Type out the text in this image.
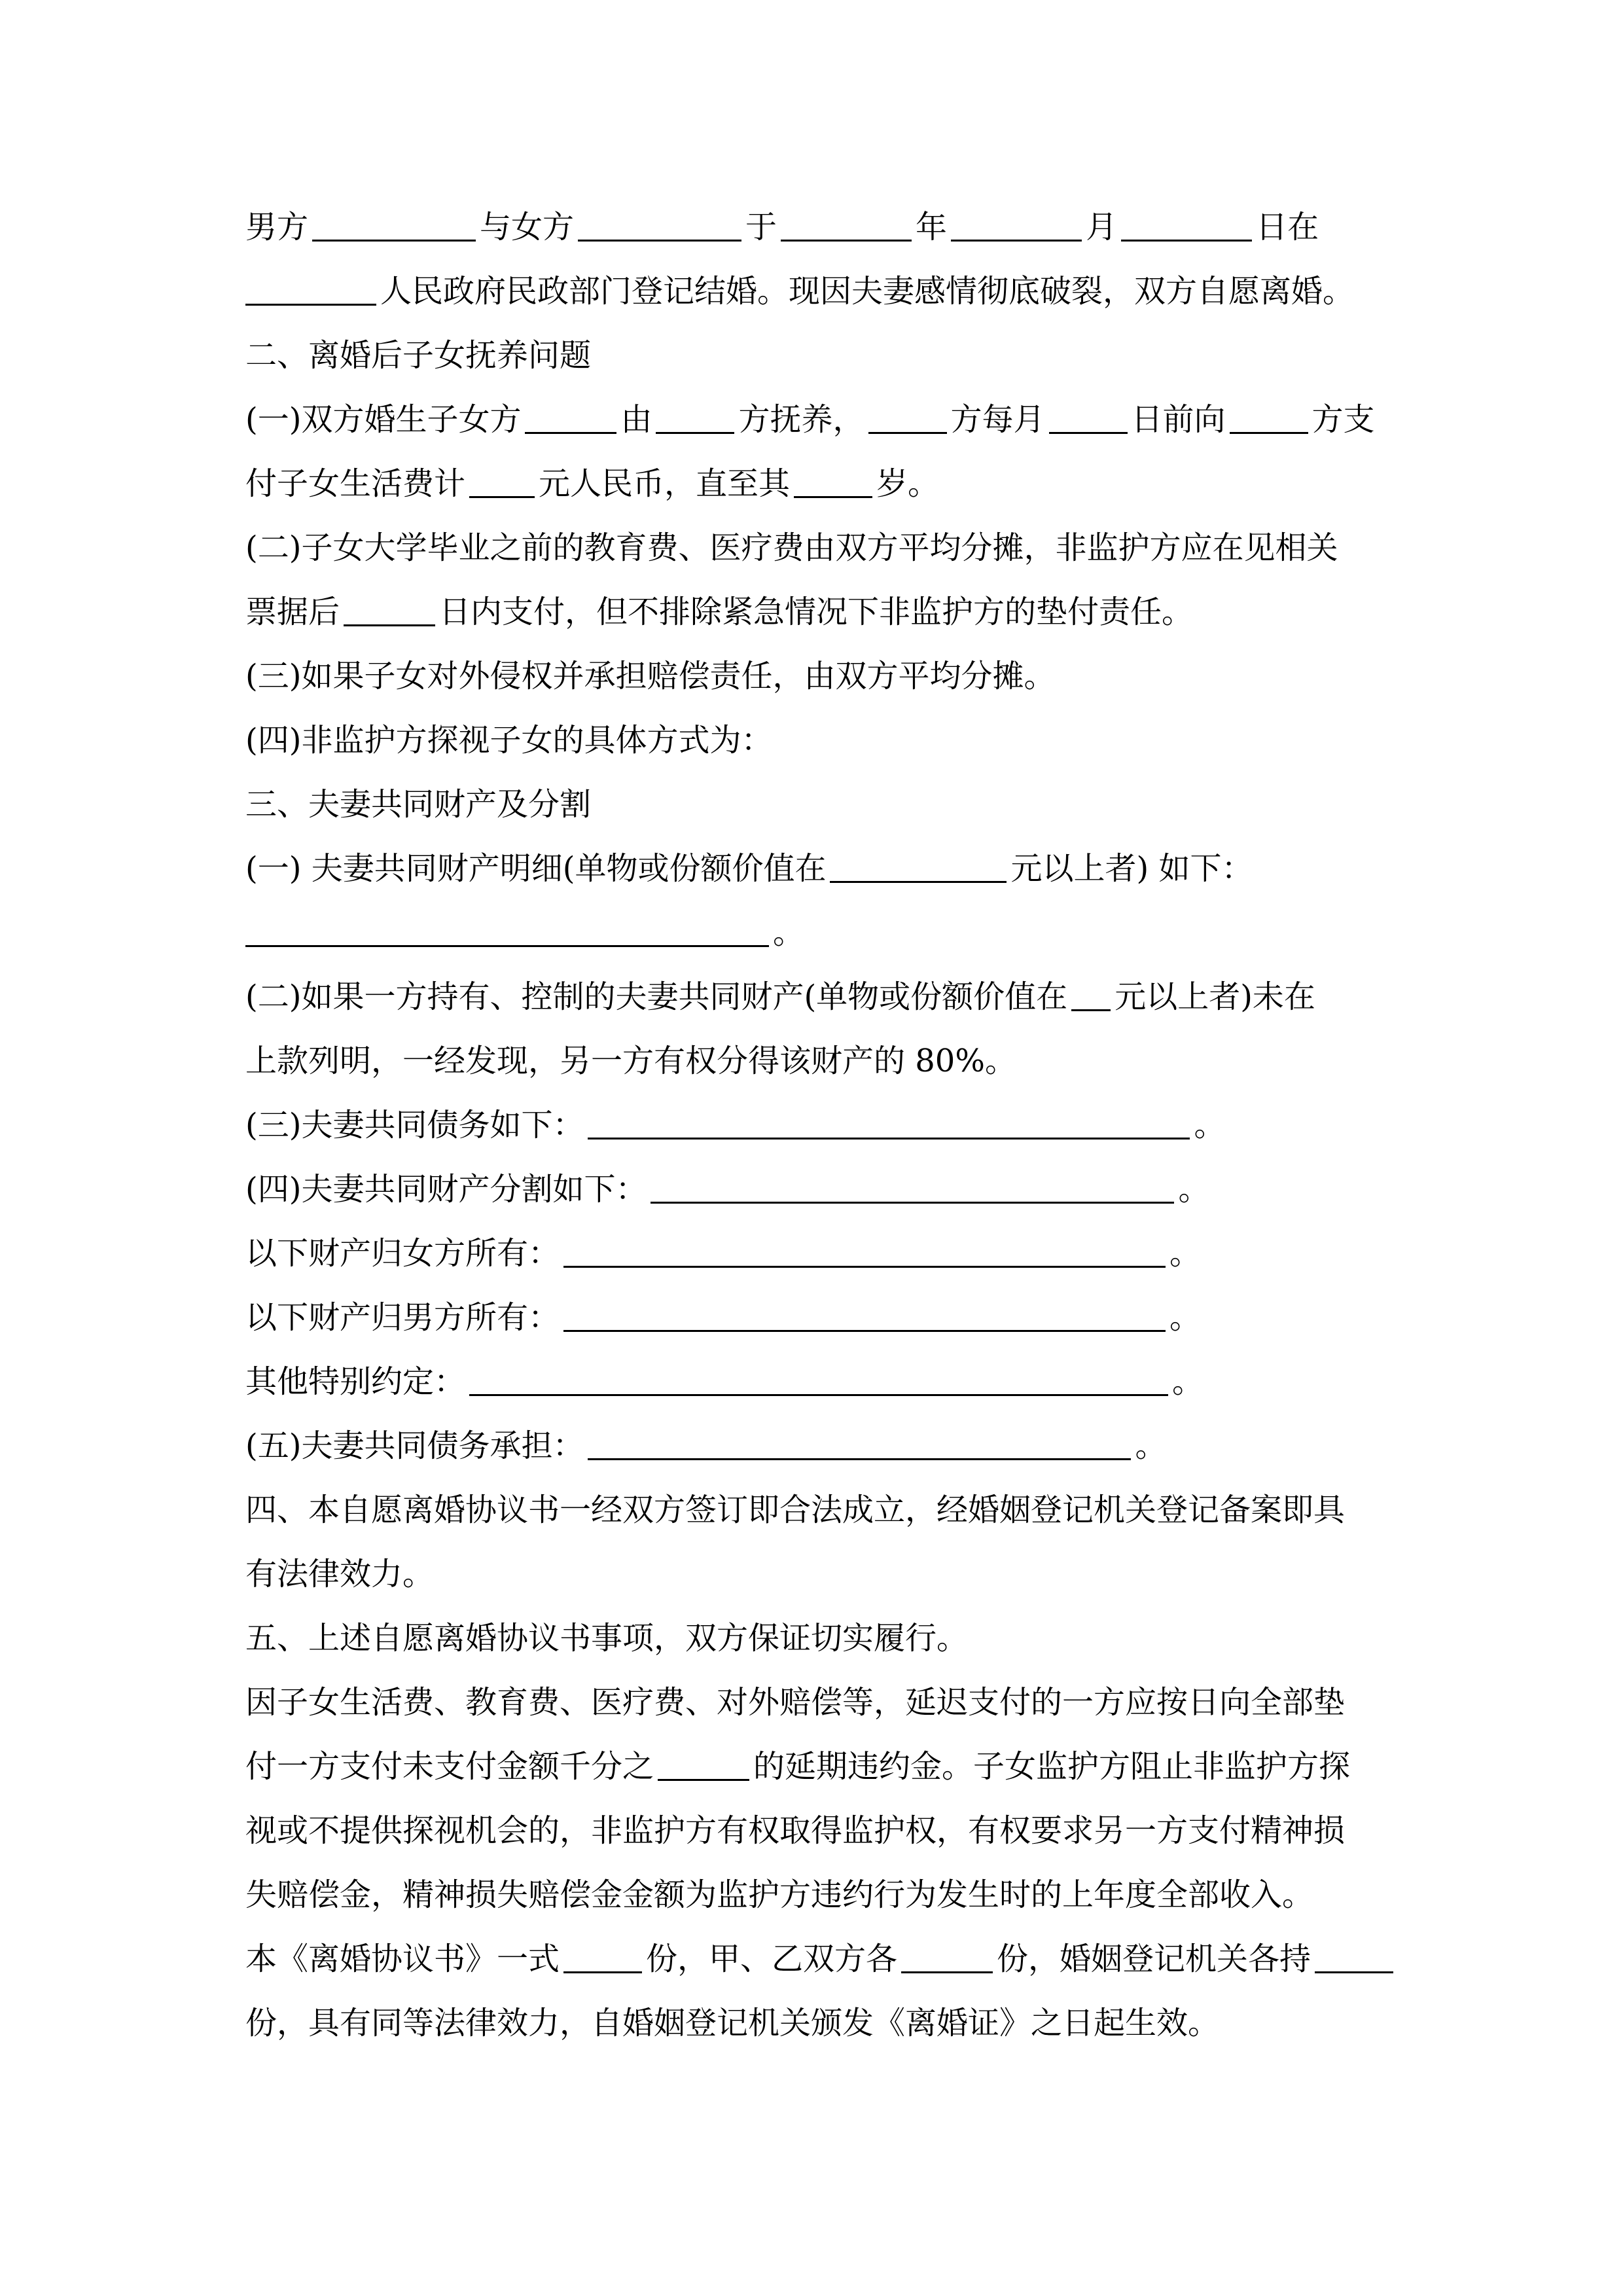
男方	与女方	于	年	月	日在
人民政府民政部门登记结婚。现因夫妻感情彻底破裂，双方自愿离婚。
二、离婚后子女抚养问题
(一)双方婚生子女方	由	方抚养，	方每月	日前向	方支
付子女生活费计 元人民币，直至其	岁。
(二)子女大学毕业之前的教育费、医疗费由双方平均分摊，非监护方应在见相关
票据后	日内支付，但不排除紧急情况下非监护方的垫付责任。
(三)如果子女对外侵权并承担赔偿责任，由双方平均分摊。
(四)非监护方探视子女的具体方式为：
三、夫妻共同财产及分割
(一) 夫妻共同财产明细(单物或份额价值在	元以上者) 如下：
。
(二)如果一方持有、控制的夫妻共同财产(单物或份额价值在 元以上者)未在
上款列明，一经发现，另一方有权分得该财产的 80%。
(三)夫妻共同债务如下：	。
(四)夫妻共同财产分割如下：	。
以下财产归女方所有：	。
以下财产归男方所有：	。
其他特别约定：	。
(五)夫妻共同债务承担：	。
四、本自愿离婚协议书一经双方签订即合法成立，经婚姻登记机关登记备案即具
有法律效力。
五、上述自愿离婚协议书事项，双方保证切实履行。
因子女生活费、教育费、医疗费、对外赔偿等，延迟支付的一方应按日向全部垫
付一方支付未支付金额千分之	的延期违约金。子女监护方阻止非监护方探
视或不提供探视机会的，非监护方有权取得监护权，有权要求另一方支付精神损
失赔偿金，精神损失赔偿金金额为监护方违约行为发生时的上年度全部收入。
本《离婚协议书》一式	份，甲、乙双方各	份，婚姻登记机关各持
份，具有同等法律效力，自婚姻登记机关颁发《离婚证》之日起生效。
